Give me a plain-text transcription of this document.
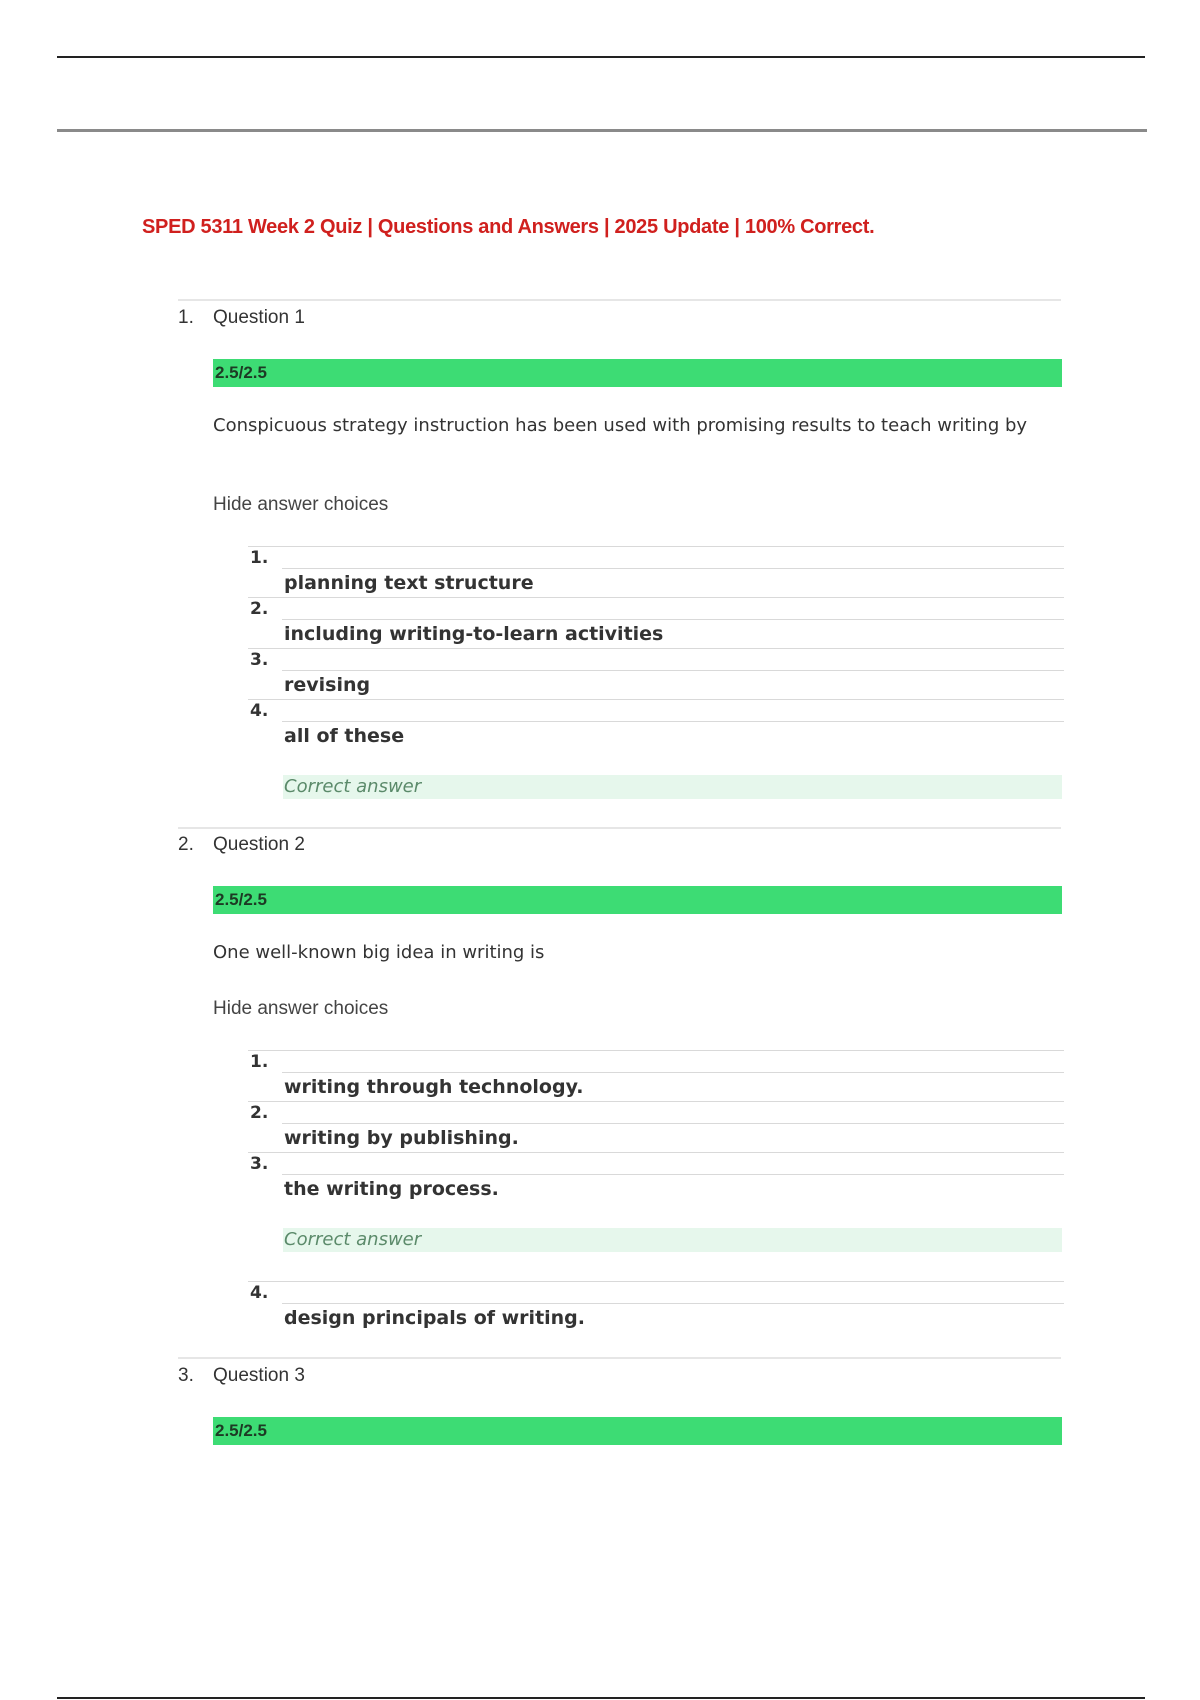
SPED 5311 Week 2 Quiz | Questions and Answers | 2025 Update | 100% Correct.
1. Question 1
2.5/2.5
Conspicuous strategy instruction has been used with promising results to teach writing by
Hide answer choices
1.
planning text structure
2.
including writing-to-learn activities
3.
revising
4.
all of these
Correct answer
2. Question 2
2.5/2.5
One well-known big idea in writing is
Hide answer choices
1.
writing through technology.
2.
writing by publishing.
3.
the writing process.
Correct answer
4.
design principals of writing.
3. Question 3
2.5/2.5
